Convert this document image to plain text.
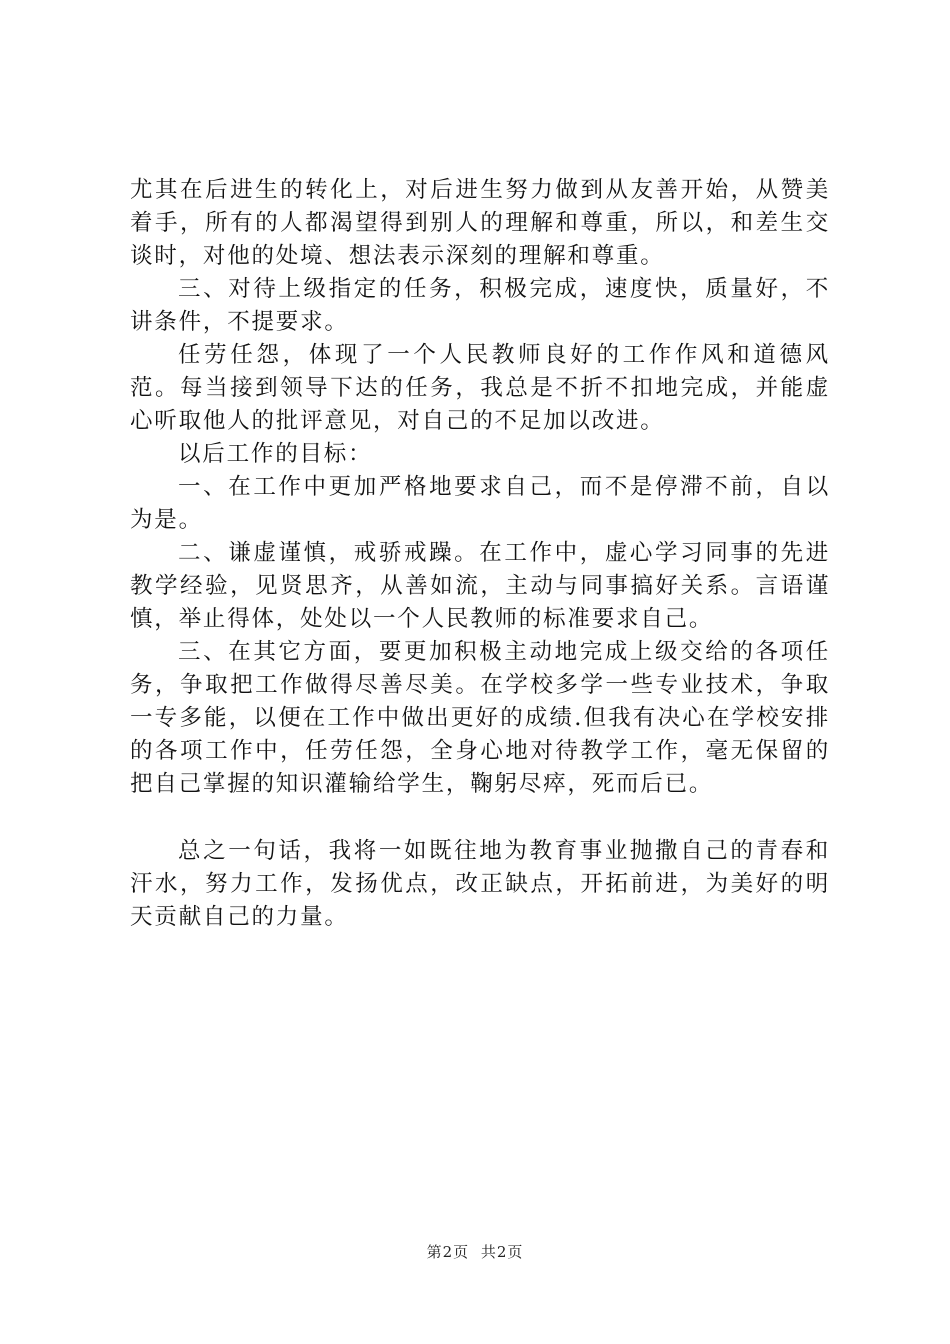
尤其在后进生的转化上，对后进生努力做到从友善开始，从赞美着手，所有的人都渴望得到别人的理解和尊重，所以，和差生交谈时，对他的处境、想法表示深刻的理解和尊重。

三、对待上级指定的任务，积极完成，速度快，质量好，不讲条件，不提要求。

任劳任怨，体现了一个人民教师良好的工作作风和道德风范。每当接到领导下达的任务，我总是不折不扣地完成，并能虚心听取他人的批评意见，对自己的不足加以改进。

以后工作的目标：

一、在工作中更加严格地要求自己，而不是停滞不前，自以为是。

二、谦虚谨慎，戒骄戒躁。在工作中，虚心学习同事的先进教学经验，见贤思齐，从善如流，主动与同事搞好关系。言语谨慎，举止得体，处处以一个人民教师的标准要求自己。

三、在其它方面，要更加积极主动地完成上级交给的各项任务，争取把工作做得尽善尽美。在学校多学一些专业技术，争取一专多能，以便在工作中做出更好的成绩.但我有决心在学校安排的各项工作中，任劳任怨，全身心地对待教学工作，毫无保留的把自己掌握的知识灌输给学生，鞠躬尽瘁，死而后已。

总之一句话，我将一如既往地为教育事业抛撒自己的青春和汗水，努力工作，发扬优点，改正缺点，开拓前进，为美好的明天贡献自己的力量。

第2页 共2页
